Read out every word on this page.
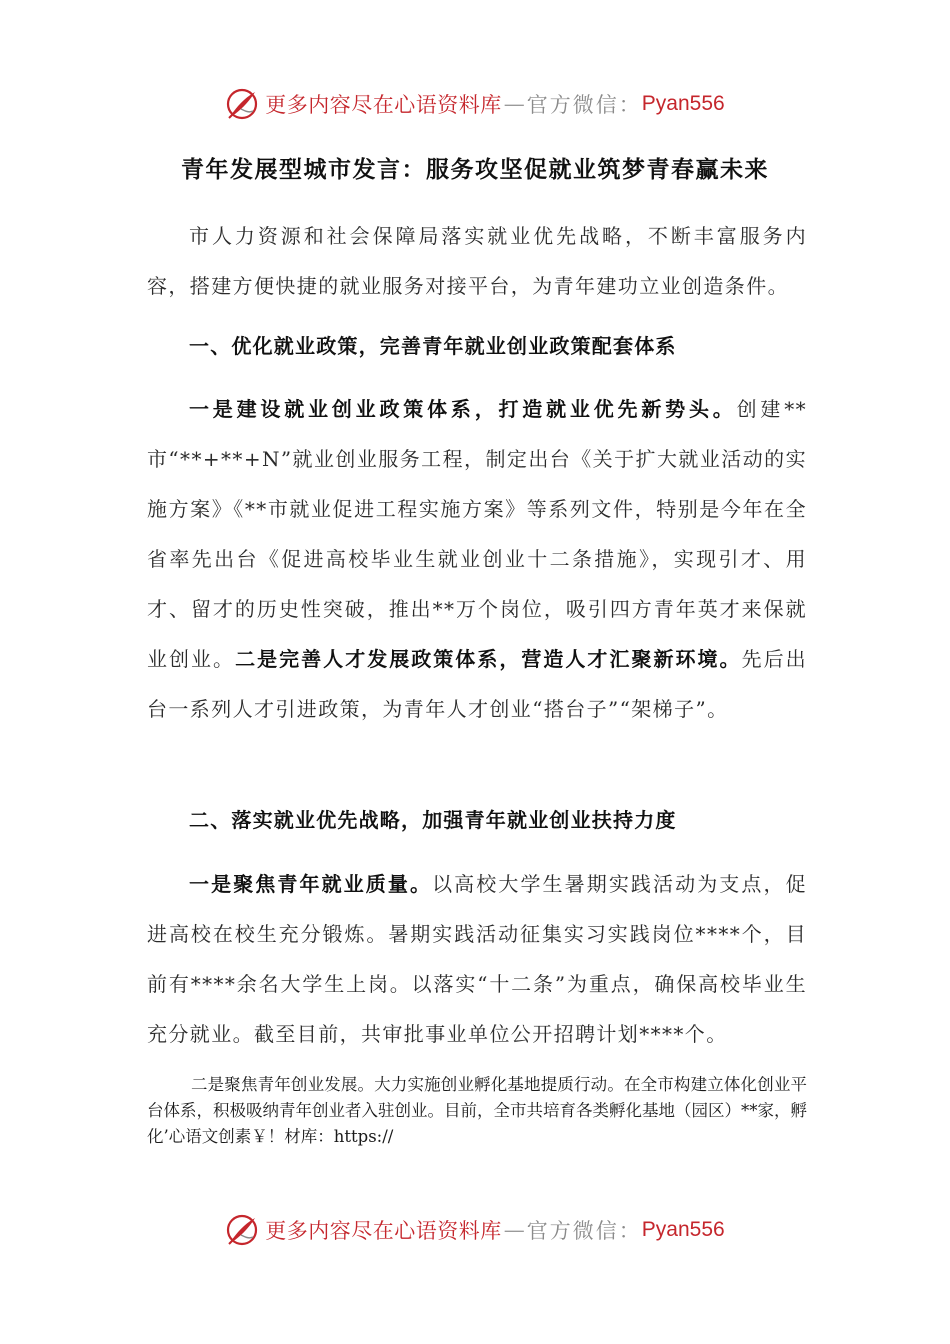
更多内容尽在心语资料库 — 官方微信： Pyan556
青年发展型城市发言：服务攻坚促就业筑梦青春赢未来

市人力资源和社会保障局落实就业优先战略，不断丰富服务内容，搭建方便快捷的就业服务对接平台，为青年建功立业创造条件。

一、优化就业政策，完善青年就业创业政策配套体系

一是建设就业创业政策体系，打造就业优先新势头。创建**市“**+**+N”就业创业服务工程，制定出台《关于扩大就业活动的实施方案》《**市就业促进工程实施方案》等系列文件，特别是今年在全省率先出台《促进高校毕业生就业创业十二条措施》，实现引才、用才、留才的历史性突破，推出**万个岗位，吸引四方青年英才来保就业创业。二是完善人才发展政策体系，营造人才汇聚新环境。先后出台一系列人才引进政策，为青年人才创业“搭台子”“架梯子”。

二、落实就业优先战略，加强青年就业创业扶持力度

一是聚焦青年就业质量。以高校大学生暑期实践活动为支点，促进高校在校生充分锻炼。暑期实践活动征集实习实践岗位****个，目前有****余名大学生上岗。以落实“十二条”为重点，确保高校毕业生充分就业。截至目前，共审批事业单位公开招聘计划****个。

二是聚焦青年创业发展。大力实施创业孵化基地提质行动。在全市构建立体化创业平台体系，积极吸纳青年创业者入驻创业。目前，全市共培育各类孵化基地（园区）**家，孵化’心语文创素￥！材库：https://

更多内容尽在心语资料库 — 官方微信： Pyan556
